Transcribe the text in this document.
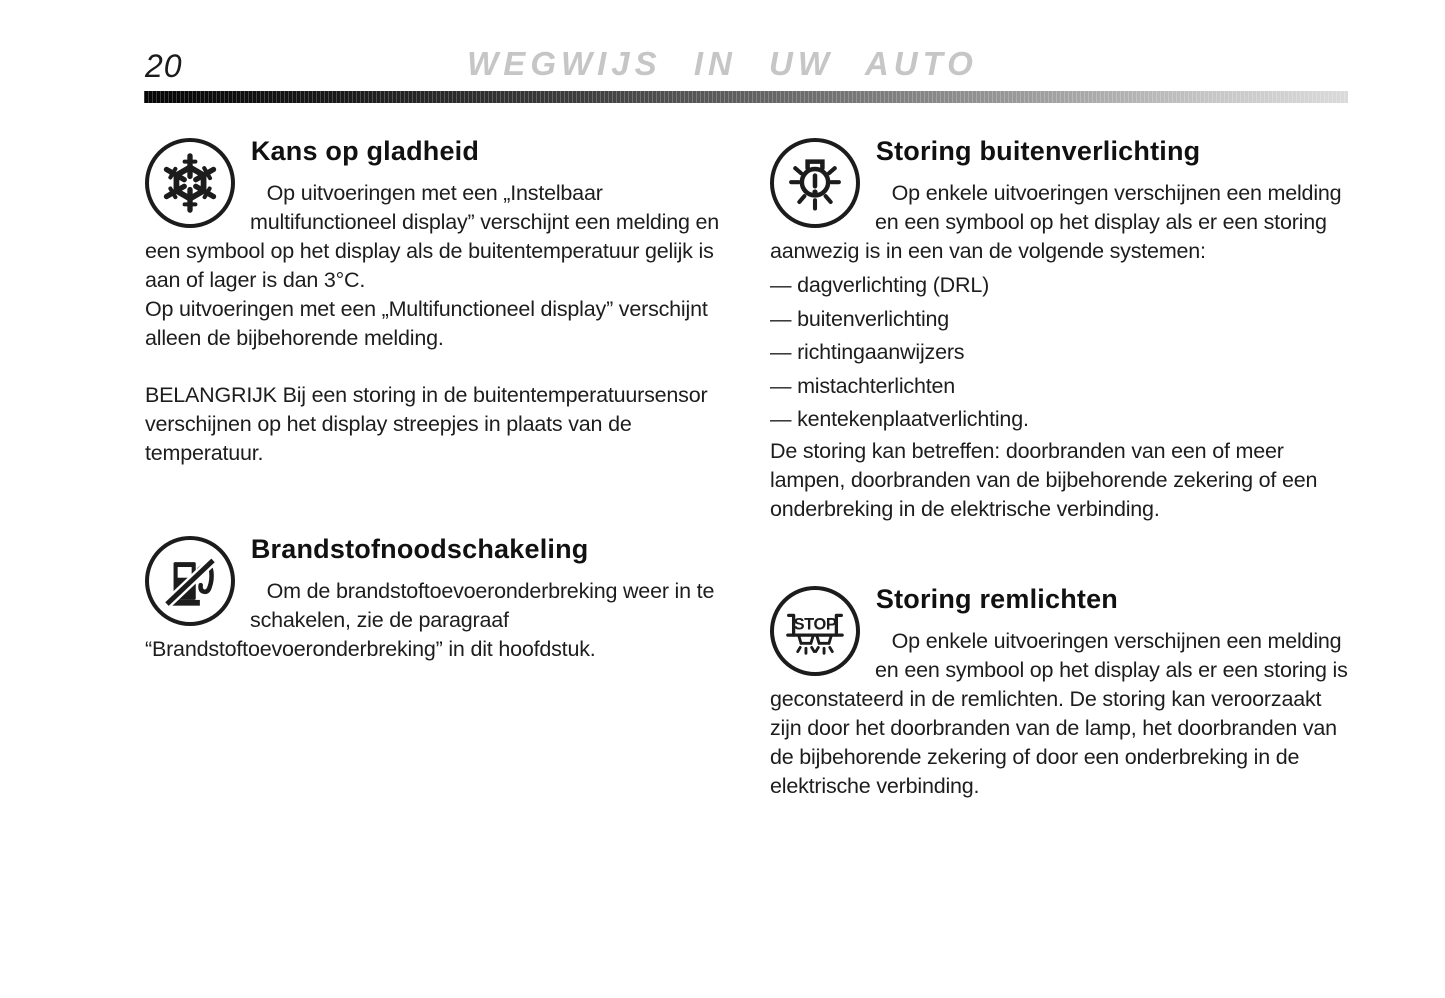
20	WEGWIJS IN UW AUTO
Kans op gladheid

Op uitvoeringen met een „Instelbaar multifunctioneel display” verschijnt een melding en een symbool op het display als de buitentemperatuur gelijk is aan of lager is dan 3°C.

Op uitvoeringen met een „Multifunctioneel display” verschijnt alleen de bijbehorende melding.

BELANGRIJK Bij een storing in de buitentemperatuursensor verschijnen op het display streepjes in plaats van de temperatuur.

Brandstofnoodschakeling

Om de brandstoftoevoeronderbreking weer in te schakelen, zie de paragraaf “Brandstoftoevoeronderbreking” in dit hoofdstuk.

Storing buitenverlichting

Op enkele uitvoeringen verschijnen een melding en een symbool op het display als er een storing aanwezig is in een van de volgende systemen:

— dagverlichting (DRL)
— buitenverlichting
— richtingaanwijzers
— mistachterlichten
— kentekenplaatverlichting.

De storing kan betreffen: doorbranden van een of meer lampen, doorbranden van de bijbehorende zekering of een onderbreking in de elektrische verbinding.

STOP
Storing remlichten

Op enkele uitvoeringen verschijnen een melding en een symbool op het display als er een storing is geconstateerd in de remlichten. De storing kan veroorzaakt zijn door het doorbranden van de lamp, het doorbranden van de bijbehorende zekering of door een onderbreking in de elektrische verbinding.
